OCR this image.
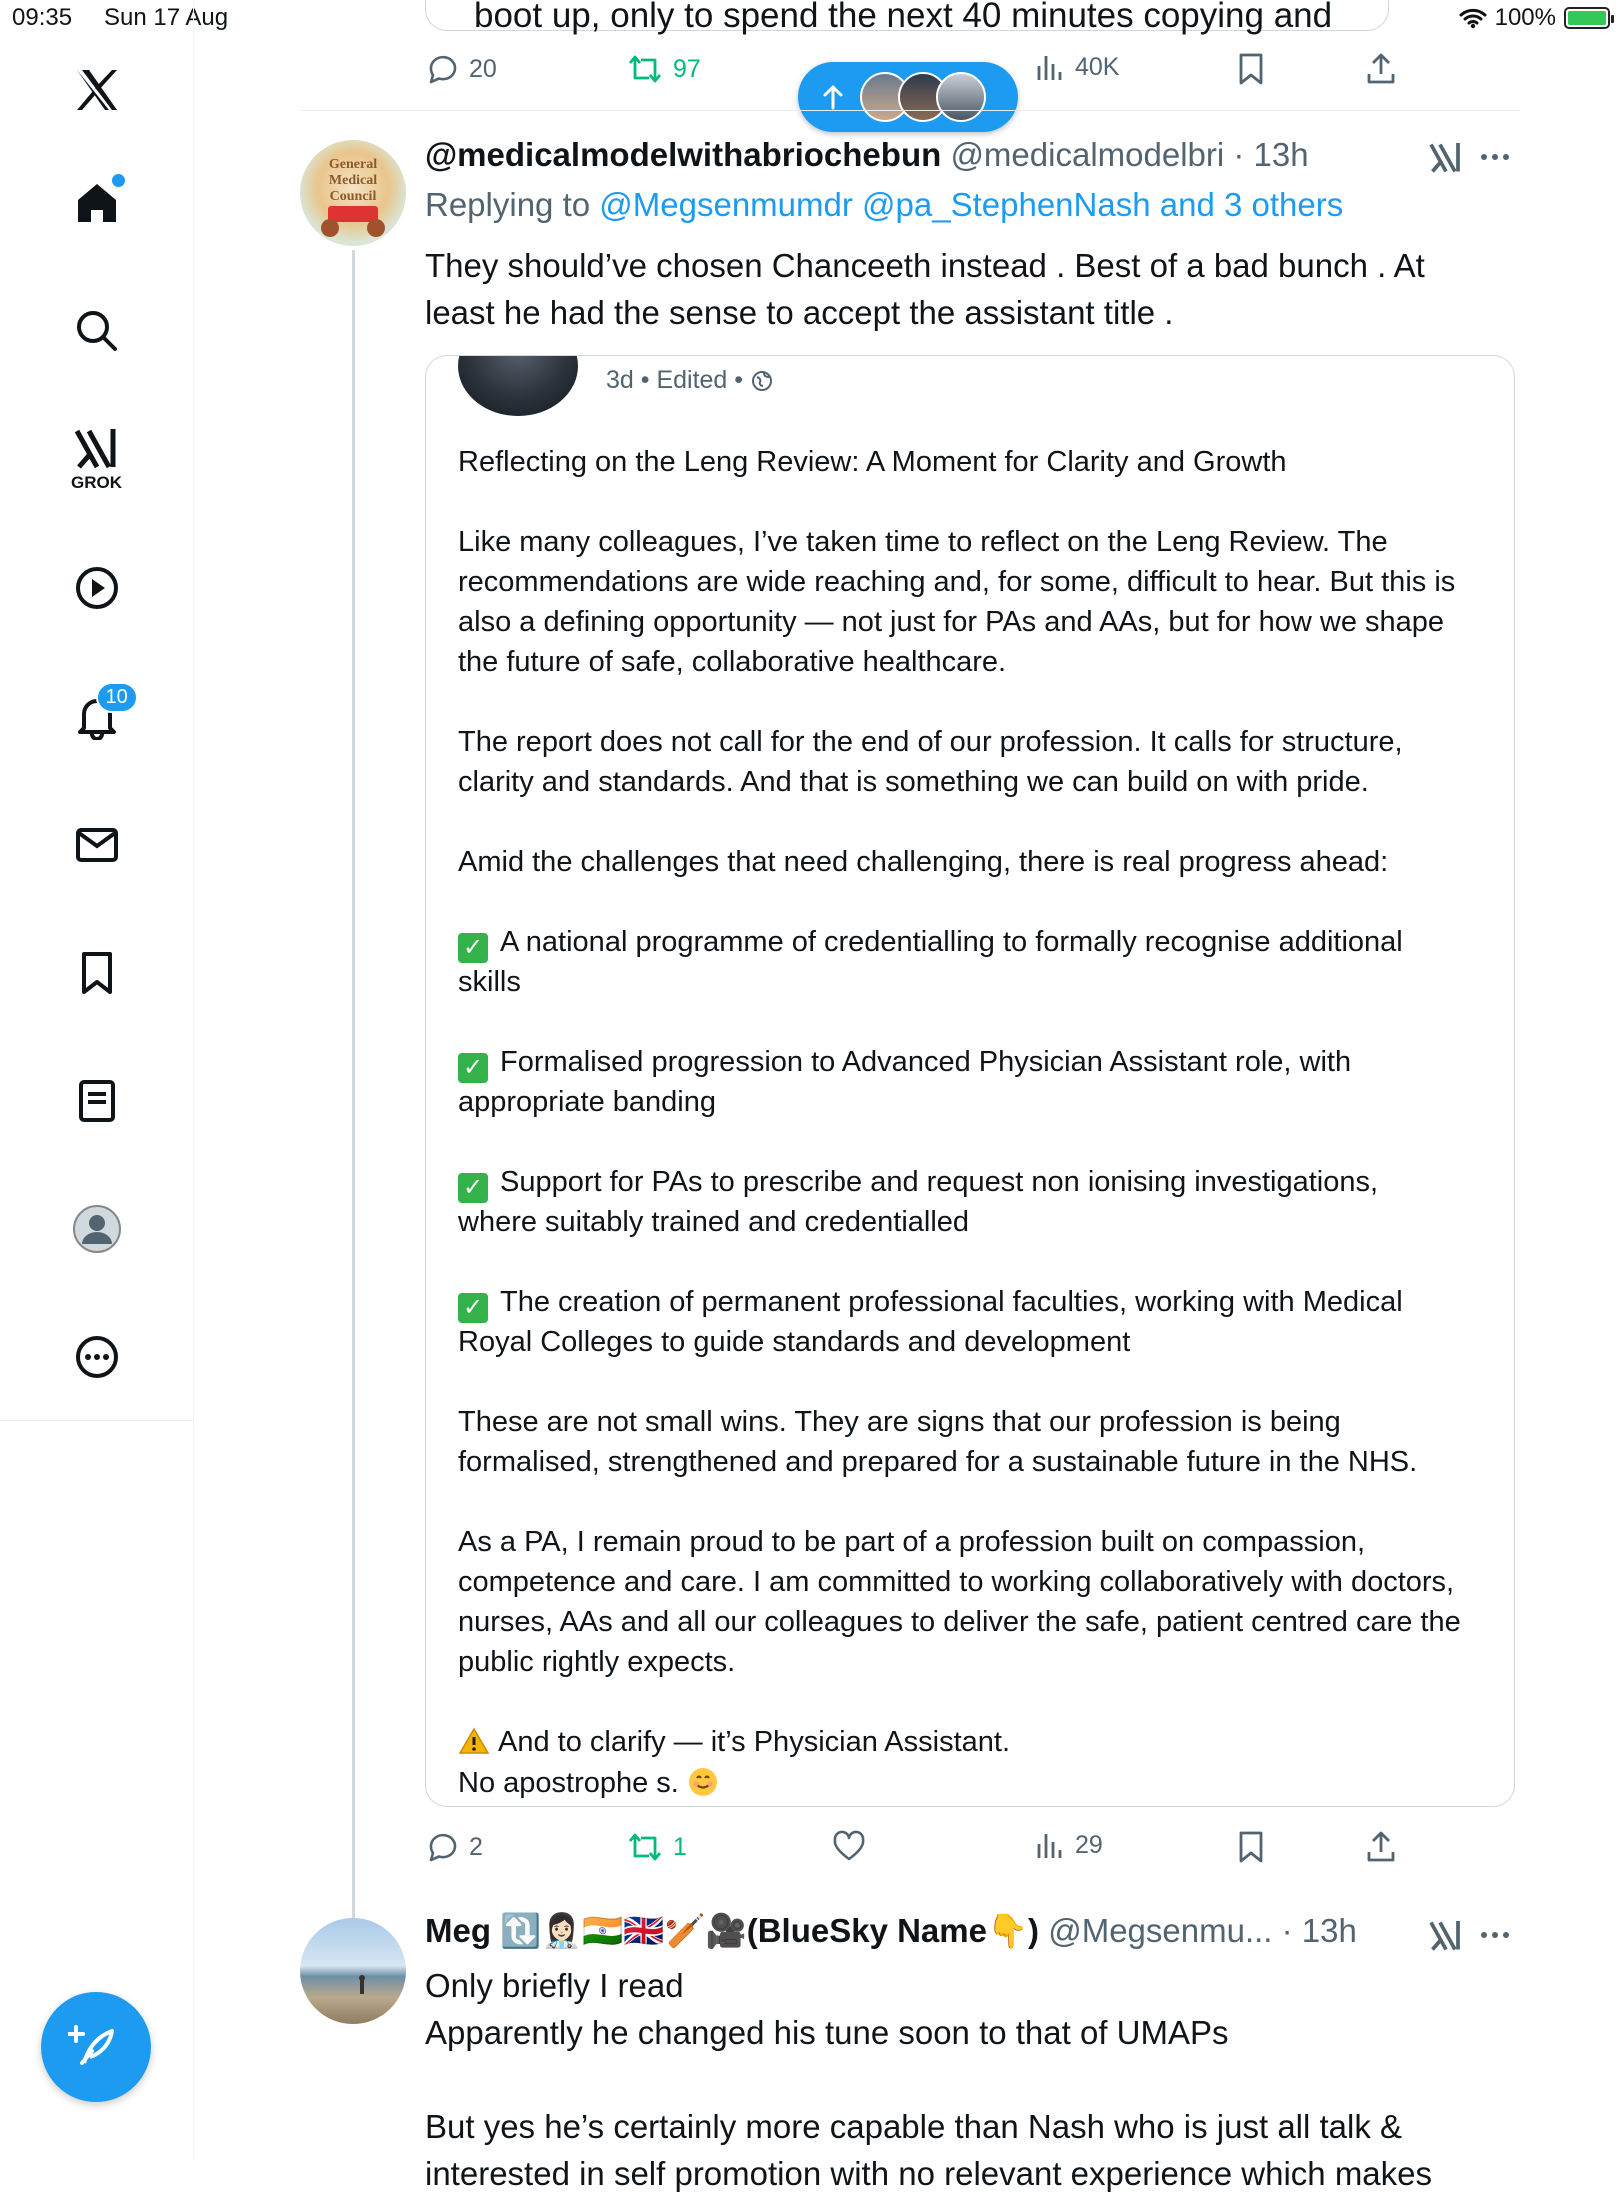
09:35 Sun 17 Aug	100%
GROK
10
boot up, only to spend the next 40 minutes copying and
20	97	40K
General
Medical
Council
@medicalmodelwithabriochebun @medicalmodelbri · 13h
Replying to @Megsenmumdr @pa_StephenNash and 3 others
They should’ve chosen Chanceeth instead . Best of a bad bunch . At
least he had the sense to accept the assistant title .
3d • Edited •
Reflecting on the Leng Review: A Moment for Clarity and Growth
Like many colleagues, I’ve taken time to reflect on the Leng Review. The
recommendations are wide reaching and, for some, difficult to hear. But this is
also a defining opportunity — not just for PAs and AAs, but for how we shape
the future of safe, collaborative healthcare.
The report does not call for the end of our profession. It calls for structure,
clarity and standards. And that is something we can build on with pride.
Amid the challenges that need challenging, there is real progress ahead:
✓ A national programme of credentialling to formally recognise additional
skills
✓ Formalised progression to Advanced Physician Assistant role, with
appropriate banding
✓ Support for PAs to prescribe and request non ionising investigations,
where suitably trained and credentialled
✓ The creation of permanent professional faculties, working with Medical
Royal Colleges to guide standards and development
These are not small wins. They are signs that our profession is being
formalised, strengthened and prepared for a sustainable future in the NHS.
As a PA, I remain proud to be part of a profession built on compassion,
competence and care. I am committed to working collaboratively with doctors,
nurses, AAs and all our colleagues to deliver the safe, patient centred care the
public rightly expects.
And to clarify — it’s Physician Assistant.
No apostrophe s.
2	1	29
Meg 🔃👩🏻‍⚕️🇮🇳🇬🇧🏏🎥(BlueSky Name👇) @Megsenmu... · 13h
Only briefly I read
Apparently he changed his tune soon to that of UMAPs
But yes he’s certainly more capable than Nash who is just all talk &
interested in self promotion with no relevant experience which makes
